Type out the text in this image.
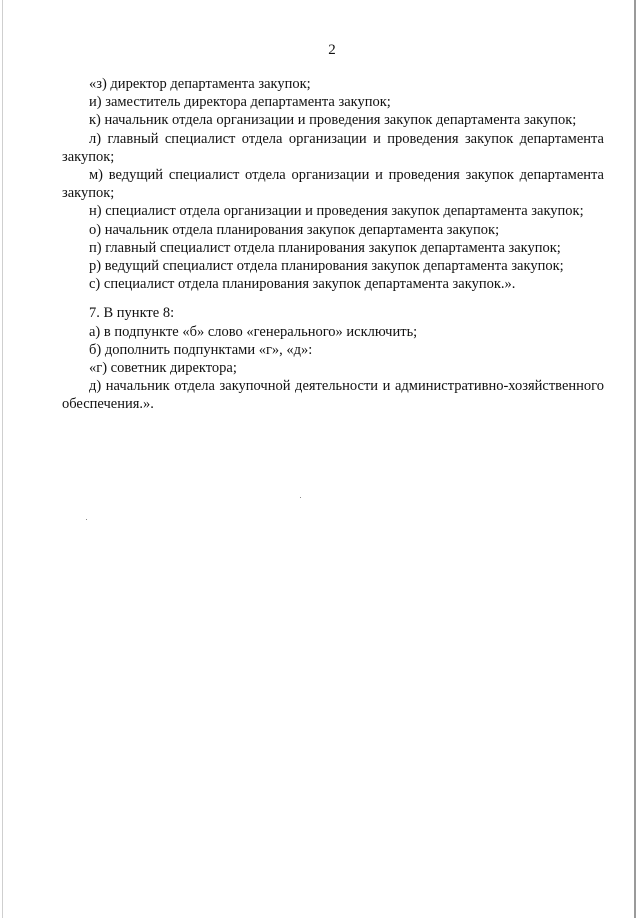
2

«з) директор департамента закупок;

и) заместитель директора департамента закупок;

к) начальник отдела организации и проведения закупок департамента закупок;

л) главный специалист отдела организации и проведения закупок департамента закупок;

м) ведущий специалист отдела организации и проведения закупок департамента закупок;

н) специалист отдела организации и проведения закупок департамента закупок;

о) начальник отдела планирования закупок департамента закупок;

п) главный специалист отдела планирования закупок департамента закупок;

р) ведущий специалист отдела планирования закупок департамента закупок;

с) специалист отдела планирования закупок департамента закупок.».

7. В пункте 8:

а) в подпункте «б» слово «генерального» исключить;

б) дополнить подпунктами «г», «д»:

«г) советник директора;

д) начальник отдела закупочной деятельности и административно-хозяйственного обеспечения.».
